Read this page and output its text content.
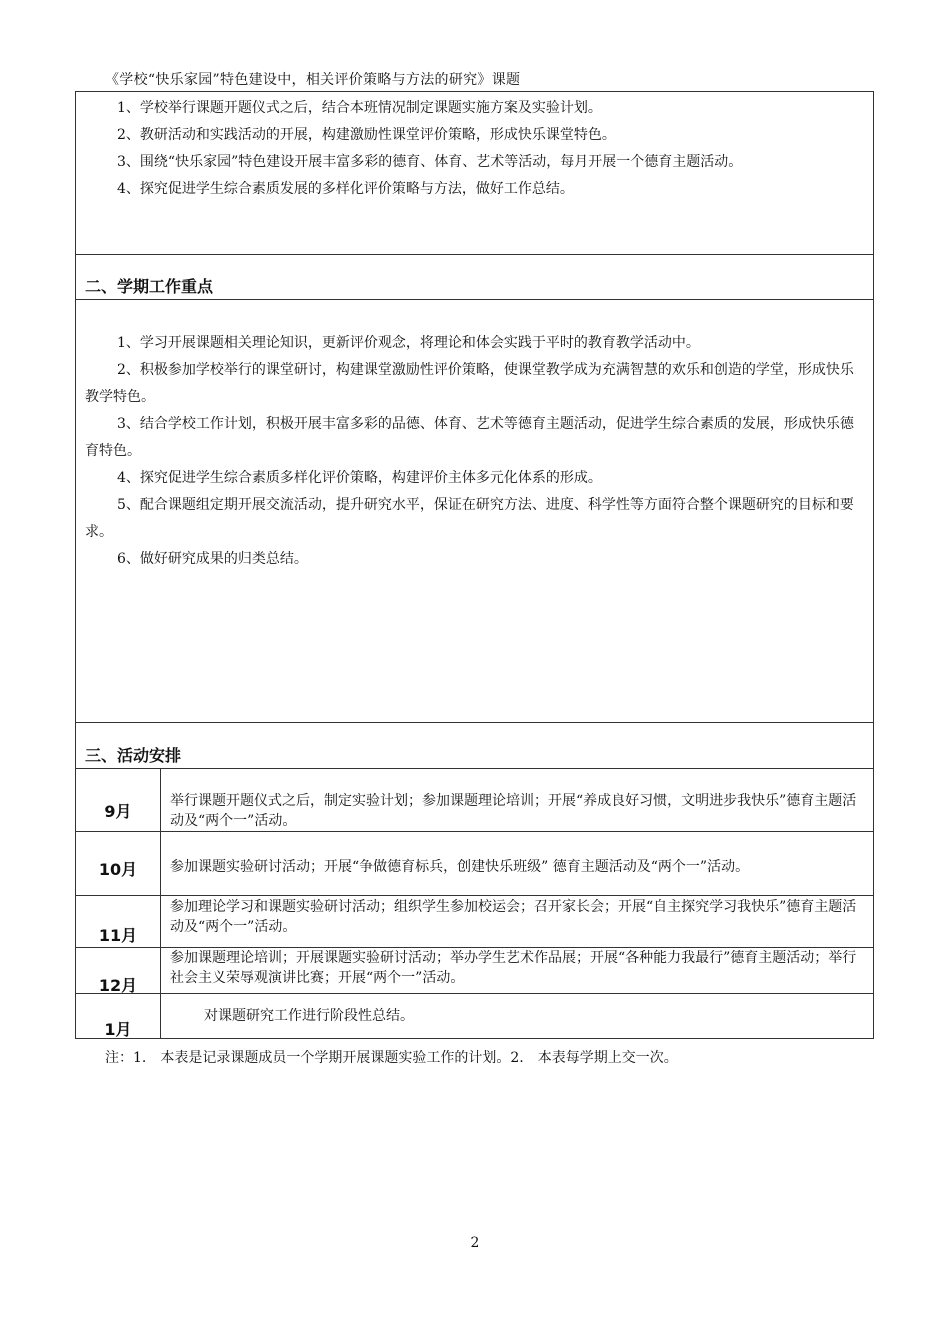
《学校“快乐家园”特色建设中，相关评价策略与方法的研究》课题
1、学校举行课题开题仪式之后，结合本班情况制定课题实施方案及实验计划。
2、教研活动和实践活动的开展，构建激励性课堂评价策略，形成快乐课堂特色。
3、围绕“快乐家园”特色建设开展丰富多彩的德育、体育、艺术等活动，每月开展一个德育主题活动。
4、探究促进学生综合素质发展的多样化评价策略与方法，做好工作总结。
二、学期工作重点
1、学习开展课题相关理论知识，更新评价观念，将理论和体会实践于平时的教育教学活动中。
2、积极参加学校举行的课堂研讨，构建课堂激励性评价策略，使课堂教学成为充满智慧的欢乐和创造的学堂，形成快乐教学特色。
3、结合学校工作计划，积极开展丰富多彩的品德、体育、艺术等德育主题活动，促进学生综合素质的发展，形成快乐德育特色。
4、探究促进学生综合素质多样化评价策略，构建评价主体多元化体系的形成。
5、配合课题组定期开展交流活动，提升研究水平，保证在研究方法、进度、科学性等方面符合整个课题研究的目标和要求。
6、做好研究成果的归类总结。
三、活动安排
9月
举行课题开题仪式之后，制定实验计划；参加课题理论培训；开展“养成良好习惯，文明进步我快乐”德育主题活动及“两个一”活动。
10月	参加课题实验研讨活动；开展“争做德育标兵，创建快乐班级” 德育主题活动及“两个一”活动。
11月
参加理论学习和课题实验研讨活动；组织学生参加校运会；召开家长会；开展“自主探究学习我快乐”德育主题活动及“两个一”活动。
12月
参加课题理论培训；开展课题实验研讨活动；举办学生艺术作品展；开展“各种能力我最行”德育主题活动；举行社会主义荣辱观演讲比赛；开展“两个一”活动。
1月
对课题研究工作进行阶段性总结。
注：1.　本表是记录课题成员一个学期开展课题实验工作的计划。2.　本表每学期上交一次。
2
